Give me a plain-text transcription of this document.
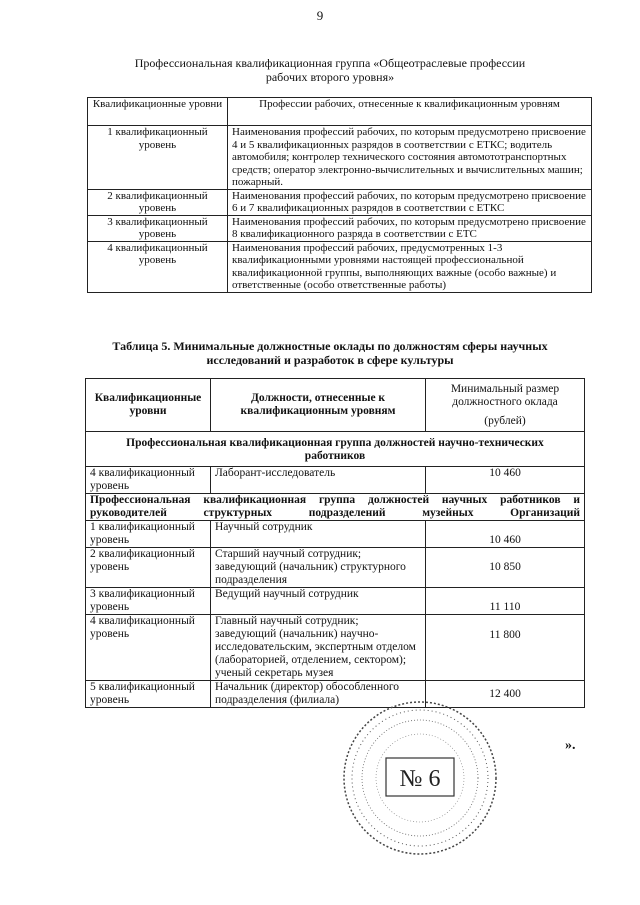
9
Профессиональная квалификационная группа «Общеотраслевые профессии
рабочих второго уровня»
Квалификационные уровни	Профессии рабочих, отнесенные к квалификационным уровням
1 квалификационный уровень	Наименования профессий рабочих, по которым предусмотрено присвоение 4 и 5 квалификационных разрядов в соответствии с ЕТКС; водитель автомобиля; контролер технического состояния автомототранспортных средств; оператор электронно-вычислительных и вычислительных машин; пожарный.
2 квалификационный уровень	Наименования профессий рабочих, по которым предусмотрено присвоение 6 и 7 квалификационных разрядов в соответствии с ЕТКС
3 квалификационный уровень	Наименования профессий рабочих, по которым предусмотрено присвоение 8 квалификационного разряда в соответствии с ЕТС
4 квалификационный уровень	Наименования профессий рабочих, предусмотренных 1-3 квалификационными уровнями настоящей профессиональной квалификационной группы, выполняющих важные (особо важные) и ответственные (особо ответственные работы)
Таблица 5. Минимальные должностные оклады по должностям сферы научных
исследований и разработок в сфере культуры
Квалификационные уровни	Должности, отнесенные к квалификационным уровням	Минимальный размер должностного оклада
(рублей)

Профессиональная квалификационная группа должностей научно-технических работников		
4 квалификационный уровень	Лаборант-исследователь	10 460
Профессиональная квалификационная группа должностей научных работников и руководителей структурных подразделений музейных Организаций		
1 квалификационный уровень	Научный сотрудник	10 460
2 квалификационный уровень	Старший научный сотрудник; заведующий (начальник) структурного подразделения	10 850
3 квалификационный уровень	Ведущий научный сотрудник	11 110
4 квалификационный уровень	Главный научный сотрудник; заведующий (начальник) научно-исследовательским, экспертным отделом (лабораторией, отделением, сектором); ученый секретарь музея	11 800
5 квалификационный уровень	Начальник (директор) обособленного подразделения (филиала)	12 400
».
№ 6
